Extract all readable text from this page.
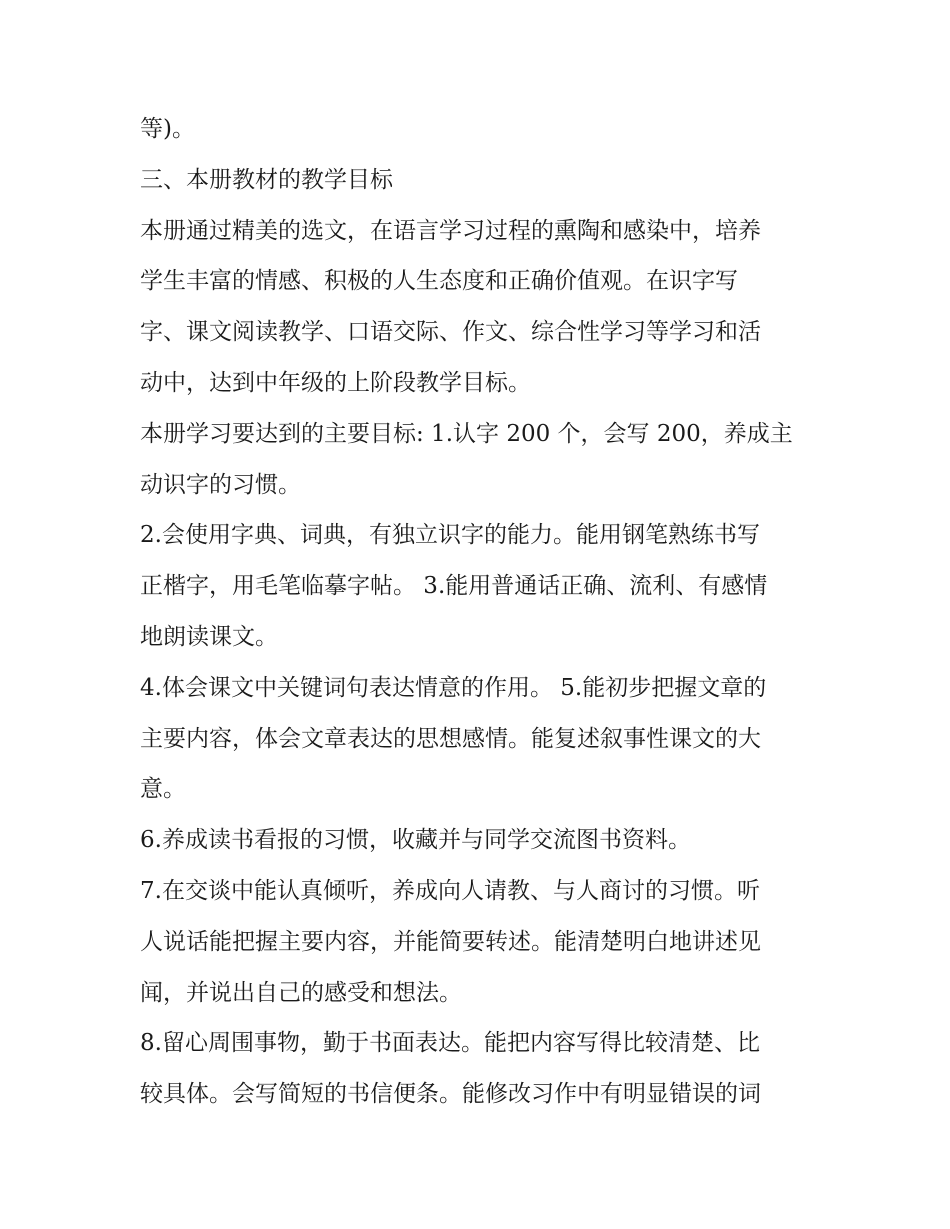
等)。
三、本册教材的教学目标
本册通过精美的选文，在语言学习过程的熏陶和感染中，培养
学生丰富的情感、积极的人生态度和正确价值观。在识字写
字、课文阅读教学、口语交际、作文、综合性学习等学习和活
动中，达到中年级的上阶段教学目标。
本册学习要达到的主要目标: 1.认字 200 个，会写 200，养成主
动识字的习惯。
2.会使用字典、词典，有独立识字的能力。能用钢笔熟练书写
正楷字，用毛笔临摹字帖。 3.能用普通话正确、流利、有感情
地朗读课文。
4.体会课文中关键词句表达情意的作用。 5.能初步把握文章的
主要内容，体会文章表达的思想感情。能复述叙事性课文的大
意。
6.养成读书看报的习惯，收藏并与同学交流图书资料。
7.在交谈中能认真倾听，养成向人请教、与人商讨的习惯。听
人说话能把握主要内容，并能简要转述。能清楚明白地讲述见
闻，并说出自己的感受和想法。
8.留心周围事物，勤于书面表达。能把内容写得比较清楚、比
较具体。会写简短的书信便条。能修改习作中有明显错误的词
